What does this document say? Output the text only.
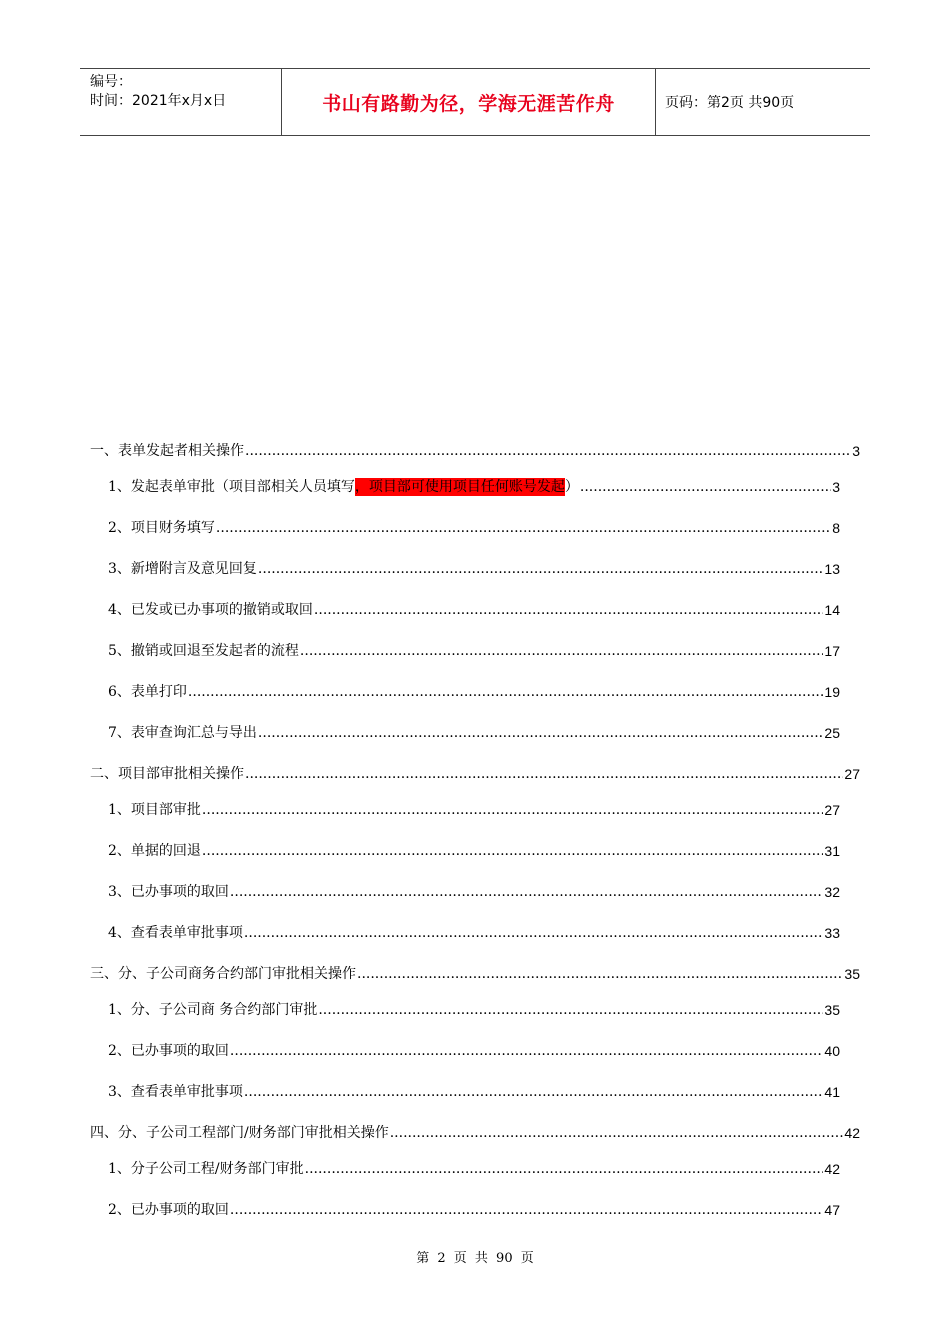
编号：
时间：2021年x月x日	书山有路勤为径，学海无涯苦作舟	页码：第2页 共90页
一、表单发起者相关操作 .....	3
1、发起表单审批（项目部相关人员填写 ，项目部可使用项目任何账号发起 ） .....	3
2、项目财务填写 .....	8
3、新增附言及意见回复 .....	13
4、已发或已办事项的撤销或取回 .....	14
5、撤销或回退至发起者的流程 .....	17
6、表单打印 .....	19
7、表审查询汇总与导出 .....	25
二、项目部审批相关操作 .....	27
1、项目部审批 .....	27
2、单据的回退 .....	31
3、已办事项的取回 .....	32
4、查看表单审批事项 .....	33
三、分、子公司商务合约部门审批相关操作 .....	35
1、分、子公司商 务合约部门审批 .....	35
2、已办事项的取回 .....	40
3、查看表单审批事项 .....	41
四、分、子公司工程部门/财务部门审批相关操作 .....	42
1、分子公司工程/财务部门审批 .....	42
2、已办事项的取回 .....	47
第 2 页 共 90 页
